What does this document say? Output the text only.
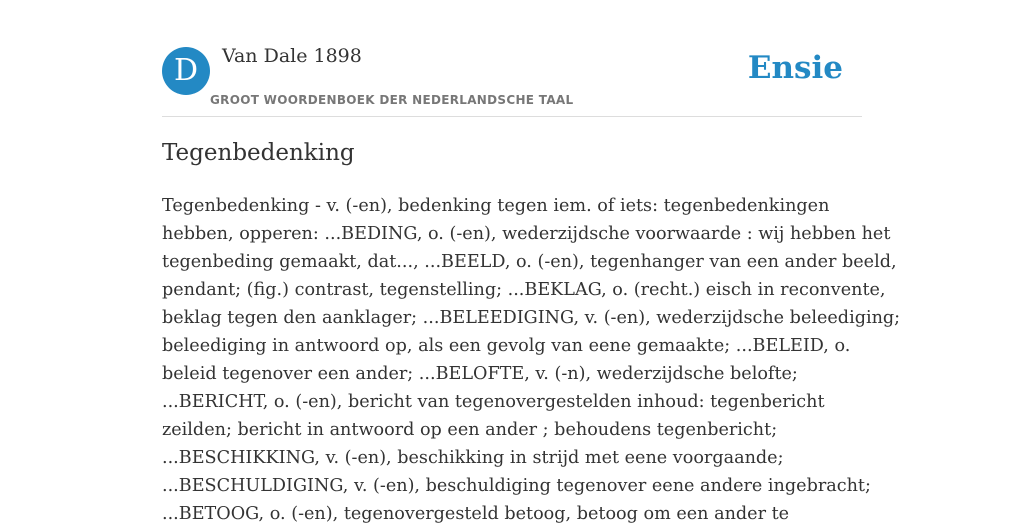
D	Van Dale 1898
GROOT WOORDENBOEK DER NEDERLANDSCHE TAAL
Ensie
Tegenbedenking
Tegenbedenking - v. (-en), bedenking tegen iem. of iets: tegenbedenkingen
hebben, opperen: ...BEDING, o. (-en), wederzijdsche voorwaarde : wij hebben het
tegenbeding gemaakt, dat..., ...BEELD, o. (-en), tegenhanger van een ander beeld,
pendant; (fig.) contrast, tegenstelling; ...BEKLAG, o. (recht.) eisch in reconvente,
beklag tegen den aanklager; ...BELEEDIGING, v. (-en), wederzijdsche beleediging;
beleediging in antwoord op, als een gevolg van eene gemaakte; ...BELEID, o.
beleid tegenover een ander; ...BELOFTE, v. (-n), wederzijdsche belofte;
...BERICHT, o. (-en), bericht van tegenovergestelden inhoud: tegenbericht
zeilden; bericht in antwoord op een ander ; behoudens tegenbericht;
...BESCHIKKING, v. (-en), beschikking in strijd met eene voorgaande;
...BESCHULDIGING, v. (-en), beschuldiging tegenover eene andere ingebracht;
...BETOOG, o. (-en), tegenovergesteld betoog, betoog om een ander te
